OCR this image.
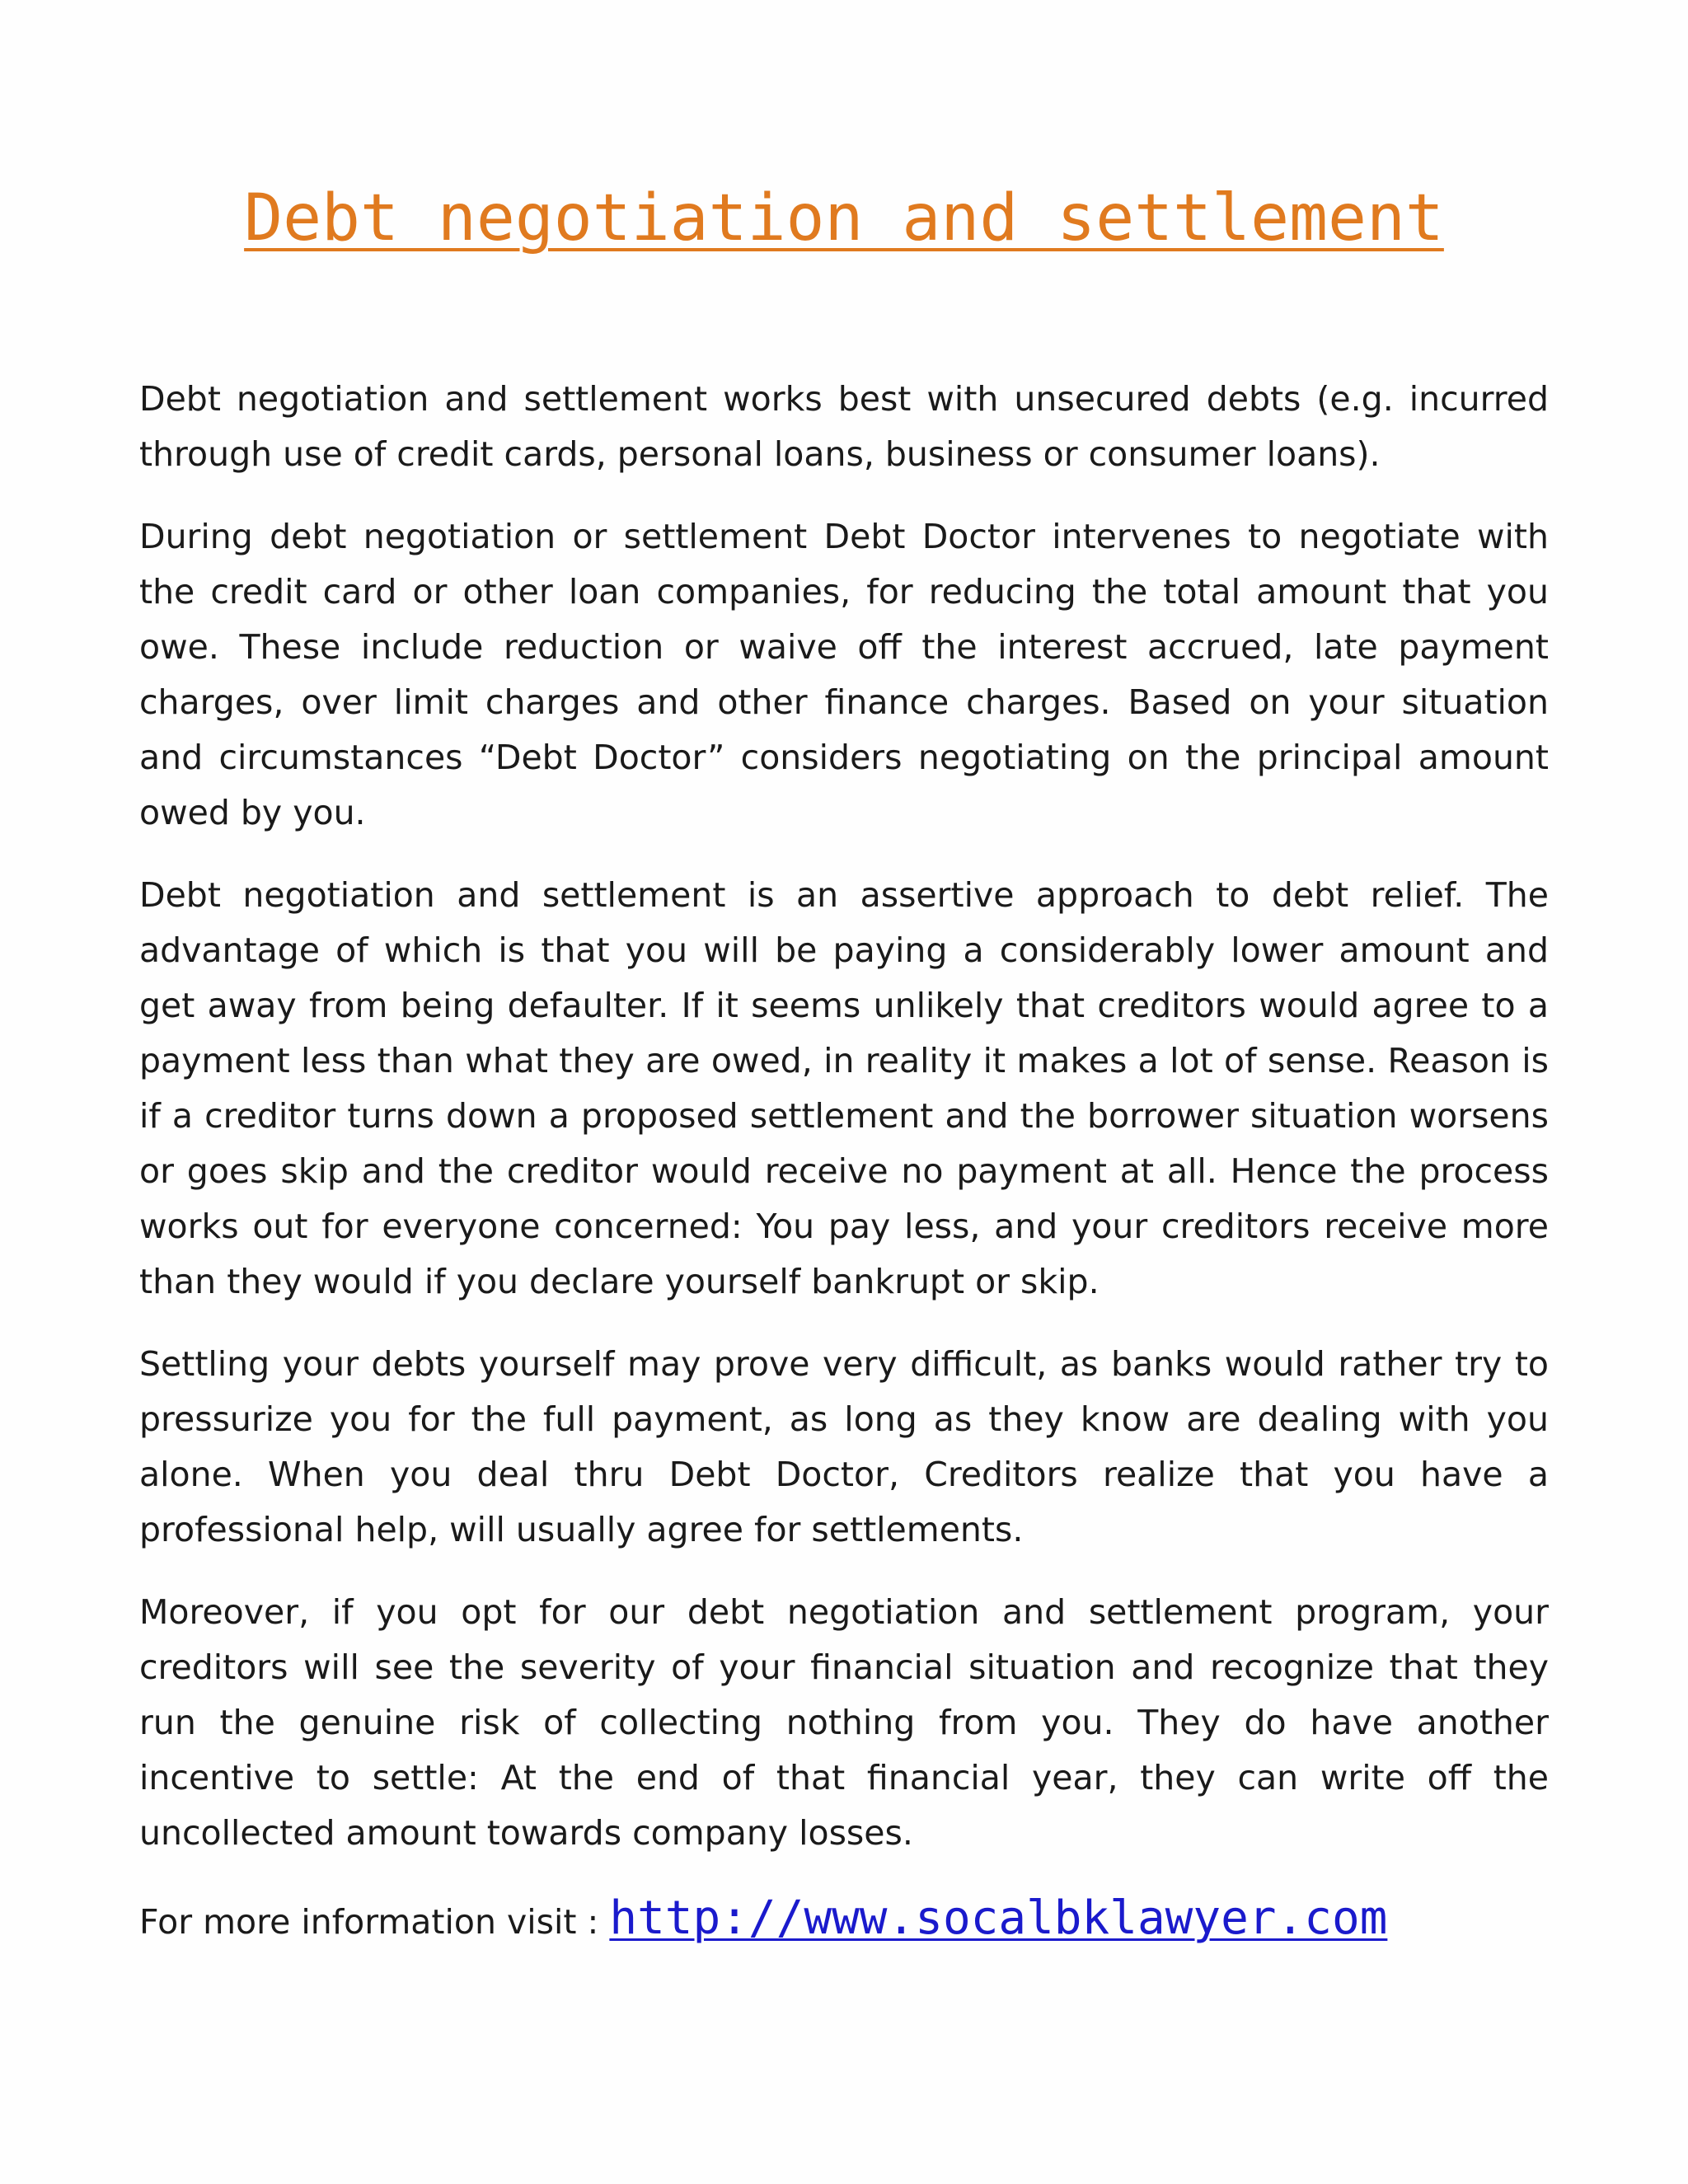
Debt negotiation and settlement

Debt negotiation and settlement works best with unsecured debts (e.g. incurred through use of credit cards, personal loans, business or consumer loans).

During debt negotiation or settlement Debt Doctor intervenes to negotiate with the credit card or other loan companies, for reducing the total amount that you owe. These include reduction or waive off the interest accrued, late payment charges, over limit charges and other finance charges. Based on your situation and circumstances “Debt Doctor” considers negotiating on the principal amount owed by you.

Debt negotiation and settlement is an assertive approach to debt relief. The advantage of which is that you will be paying a considerably lower amount and get away from being defaulter. If it seems unlikely that creditors would agree to a payment less than what they are owed, in reality it makes a lot of sense. Reason is if a creditor turns down a proposed settlement and the borrower situation worsens or goes skip and the creditor would receive no payment at all. Hence the process works out for everyone concerned: You pay less, and your creditors receive more than they would if you declare yourself bankrupt or skip.

Settling your debts yourself may prove very difficult, as banks would rather try to pressurize you for the full payment, as long as they know are dealing with you alone. When you deal thru Debt Doctor, Creditors realize that you have a professional help, will usually agree for settlements.

Moreover, if you opt for our debt negotiation and settlement program, your creditors will see the severity of your financial situation and recognize that they run the genuine risk of collecting nothing from you. They do have another incentive to settle: At the end of that financial year, they can write off the uncollected amount towards company losses.

For more information visit : http://www.socalbklawyer.com
